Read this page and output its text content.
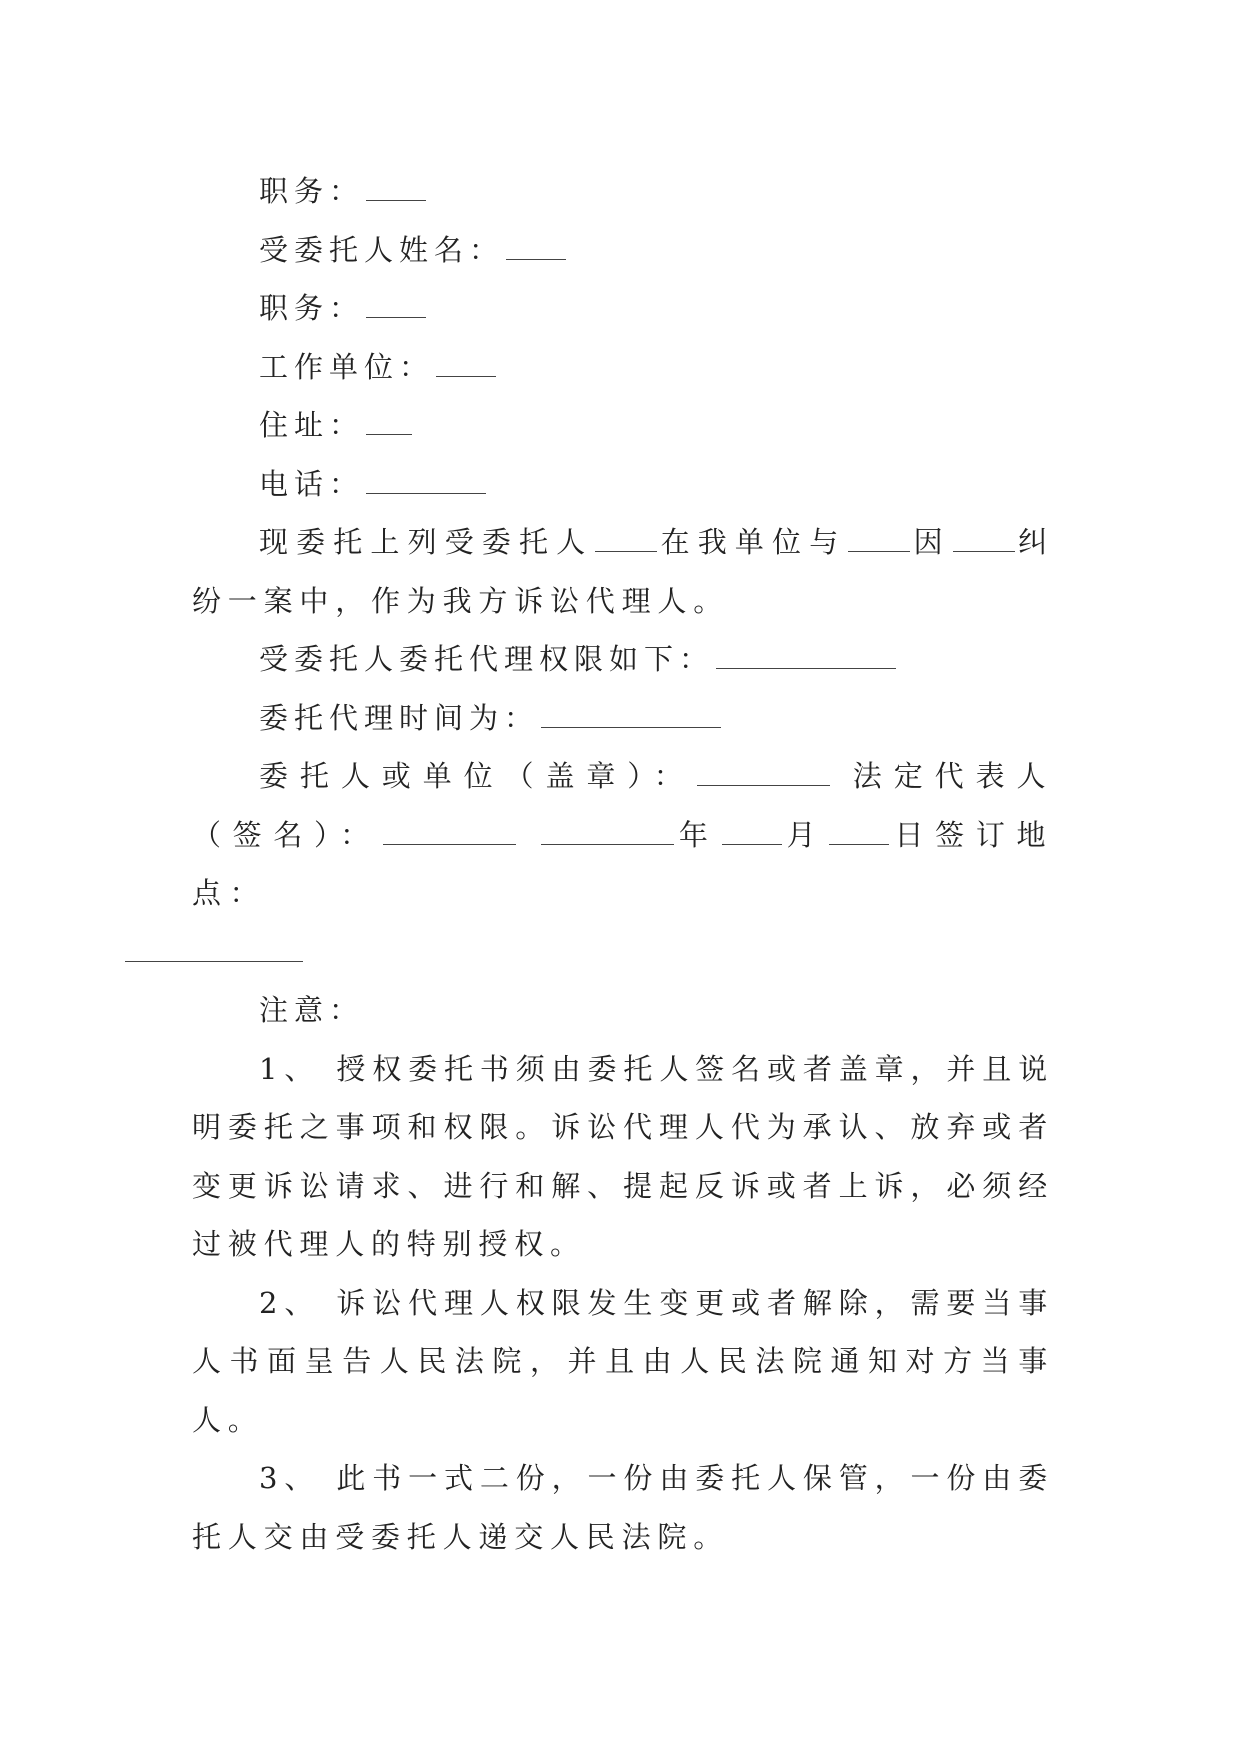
职务：
受委托人姓名：
职务：
工作单位：
住址：
电话：
现委托上列受委托人 在我单位与 因 纠纷一案中，作为我方诉讼代理人。
受委托人委托代理权限如下：
委托代理时间为：
委托人或单位（盖章）：	法定代表人（签名）：	年 月 日签订地点：

注意：
1、 授权委托书须由委托人签名或者盖章，并且说明委托之事项和权限。诉讼代理人代为承认、放弃或者变更诉讼请求、进行和解、提起反诉或者上诉，必须经过被代理人的特别授权。
2、 诉讼代理人权限发生变更或者解除，需要当事人书面呈告人民法院，并且由人民法院通知对方当事人。
3、 此书一式二份，一份由委托人保管，一份由委托人交由受委托人递交人民法院。
